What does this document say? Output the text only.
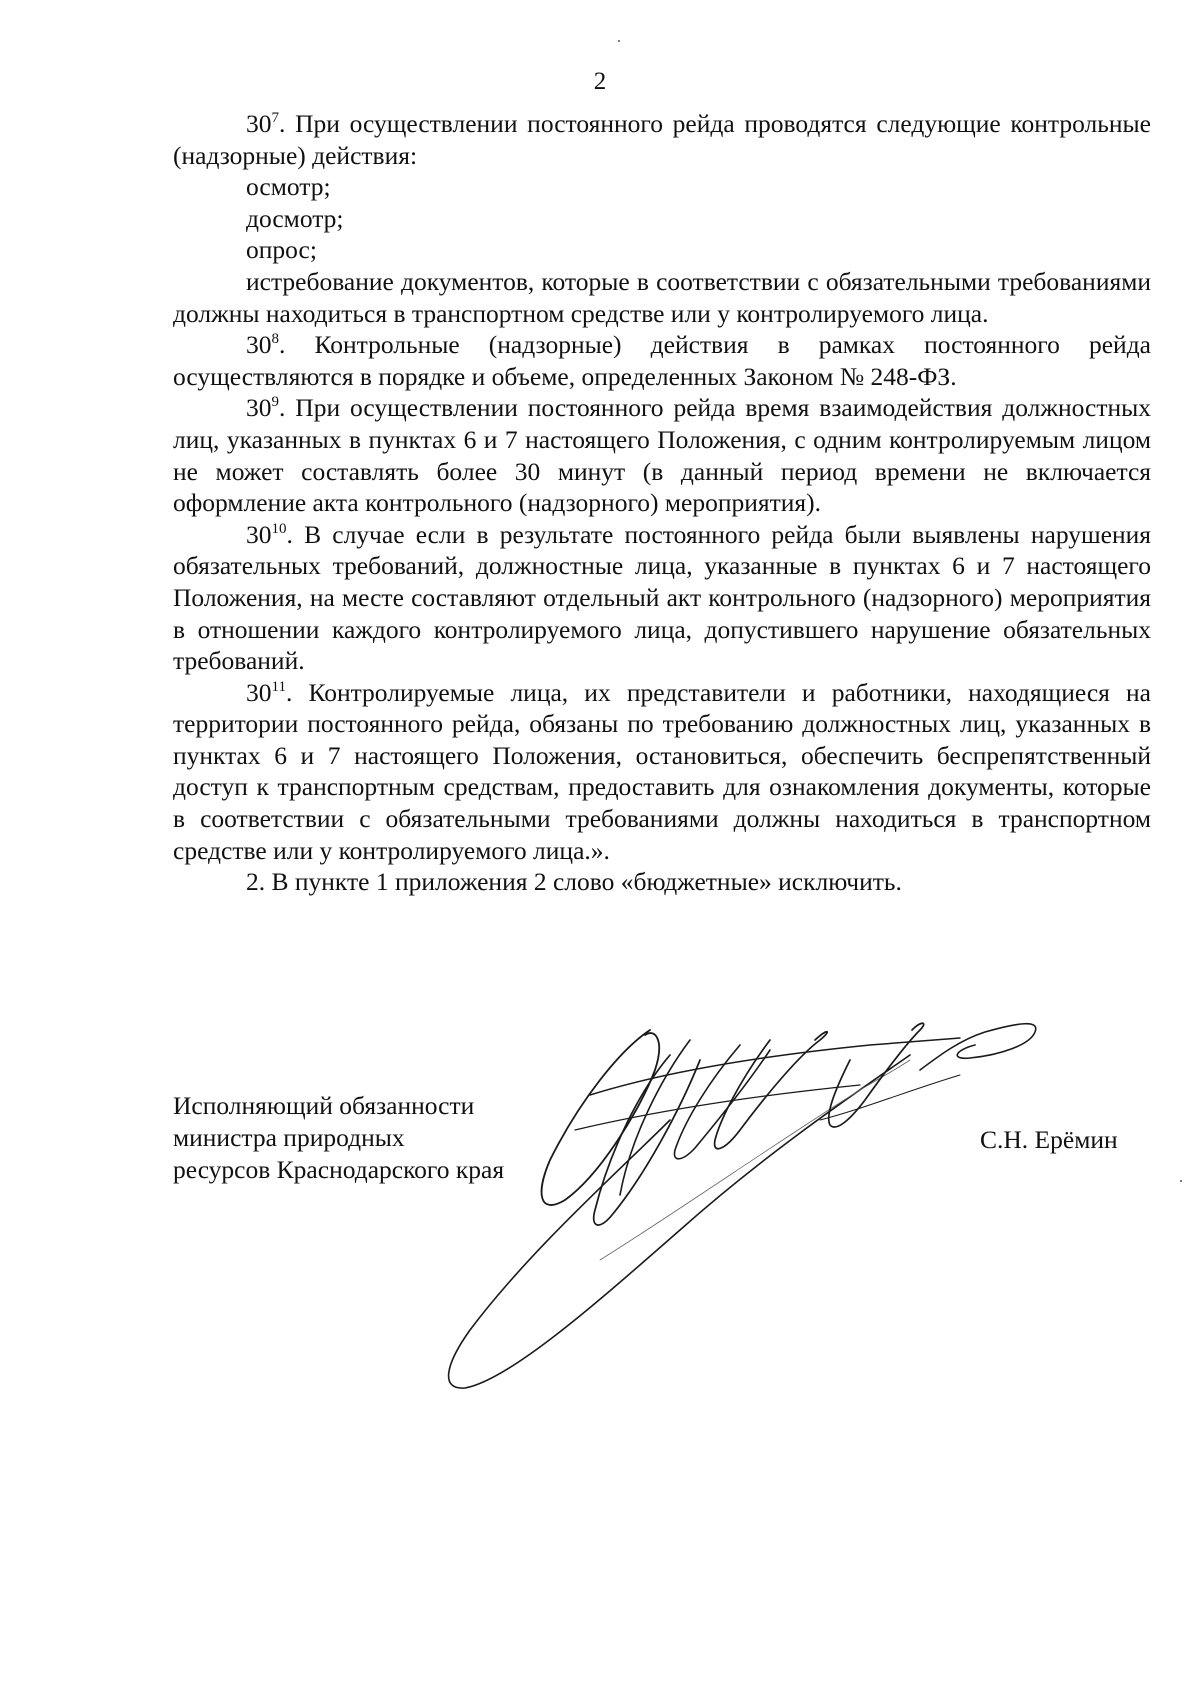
2

$30^7$. При осуществлении постоянного рейда проводятся следующие контрольные (надзорные) действия:

осмотр;

досмотр;

опрос;

истребование документов, которые в соответствии с обязательными требованиями должны находиться в транспортном средстве или у контролируемого лица.

$30^8$. Контрольные (надзорные) действия в рамках постоянного рейда осуществляются в порядке и объеме, определенных Законом № 248-ФЗ.

$30^9$. При осуществлении постоянного рейда время взаимодействия должностных лиц, указанных в пунктах 6 и 7 настоящего Положения, с одним контролируемым лицом не может составлять более 30 минут (в данный период времени не включается оформление акта контрольного (надзорного) мероприятия).

$30^{10}$. В случае если в результате постоянного рейда были выявлены нарушения обязательных требований, должностные лица, указанные в пунктах 6 и 7 настоящего Положения, на месте составляют отдельный акт контрольного (надзорного) мероприятия в отношении каждого контролируемого лица, допустившего нарушение обязательных требований.

$30^{11}$. Контролируемые лица, их представители и работники, находящиеся на территории постоянного рейда, обязаны по требованию должностных лиц, указанных в пунктах 6 и 7 настоящего Положения, остановиться, обеспечить беспрепятственный доступ к транспортным средствам, предоставить для ознакомления документы, которые в соответствии с обязательными требованиями должны находиться в транспортном средстве или у контролируемого лица.».

2. В пункте 1 приложения 2 слово «бюджетные» исключить.

Исполняющий обязанности
министра природных
ресурсов Краснодарского края
С.Н. Ерёмин
